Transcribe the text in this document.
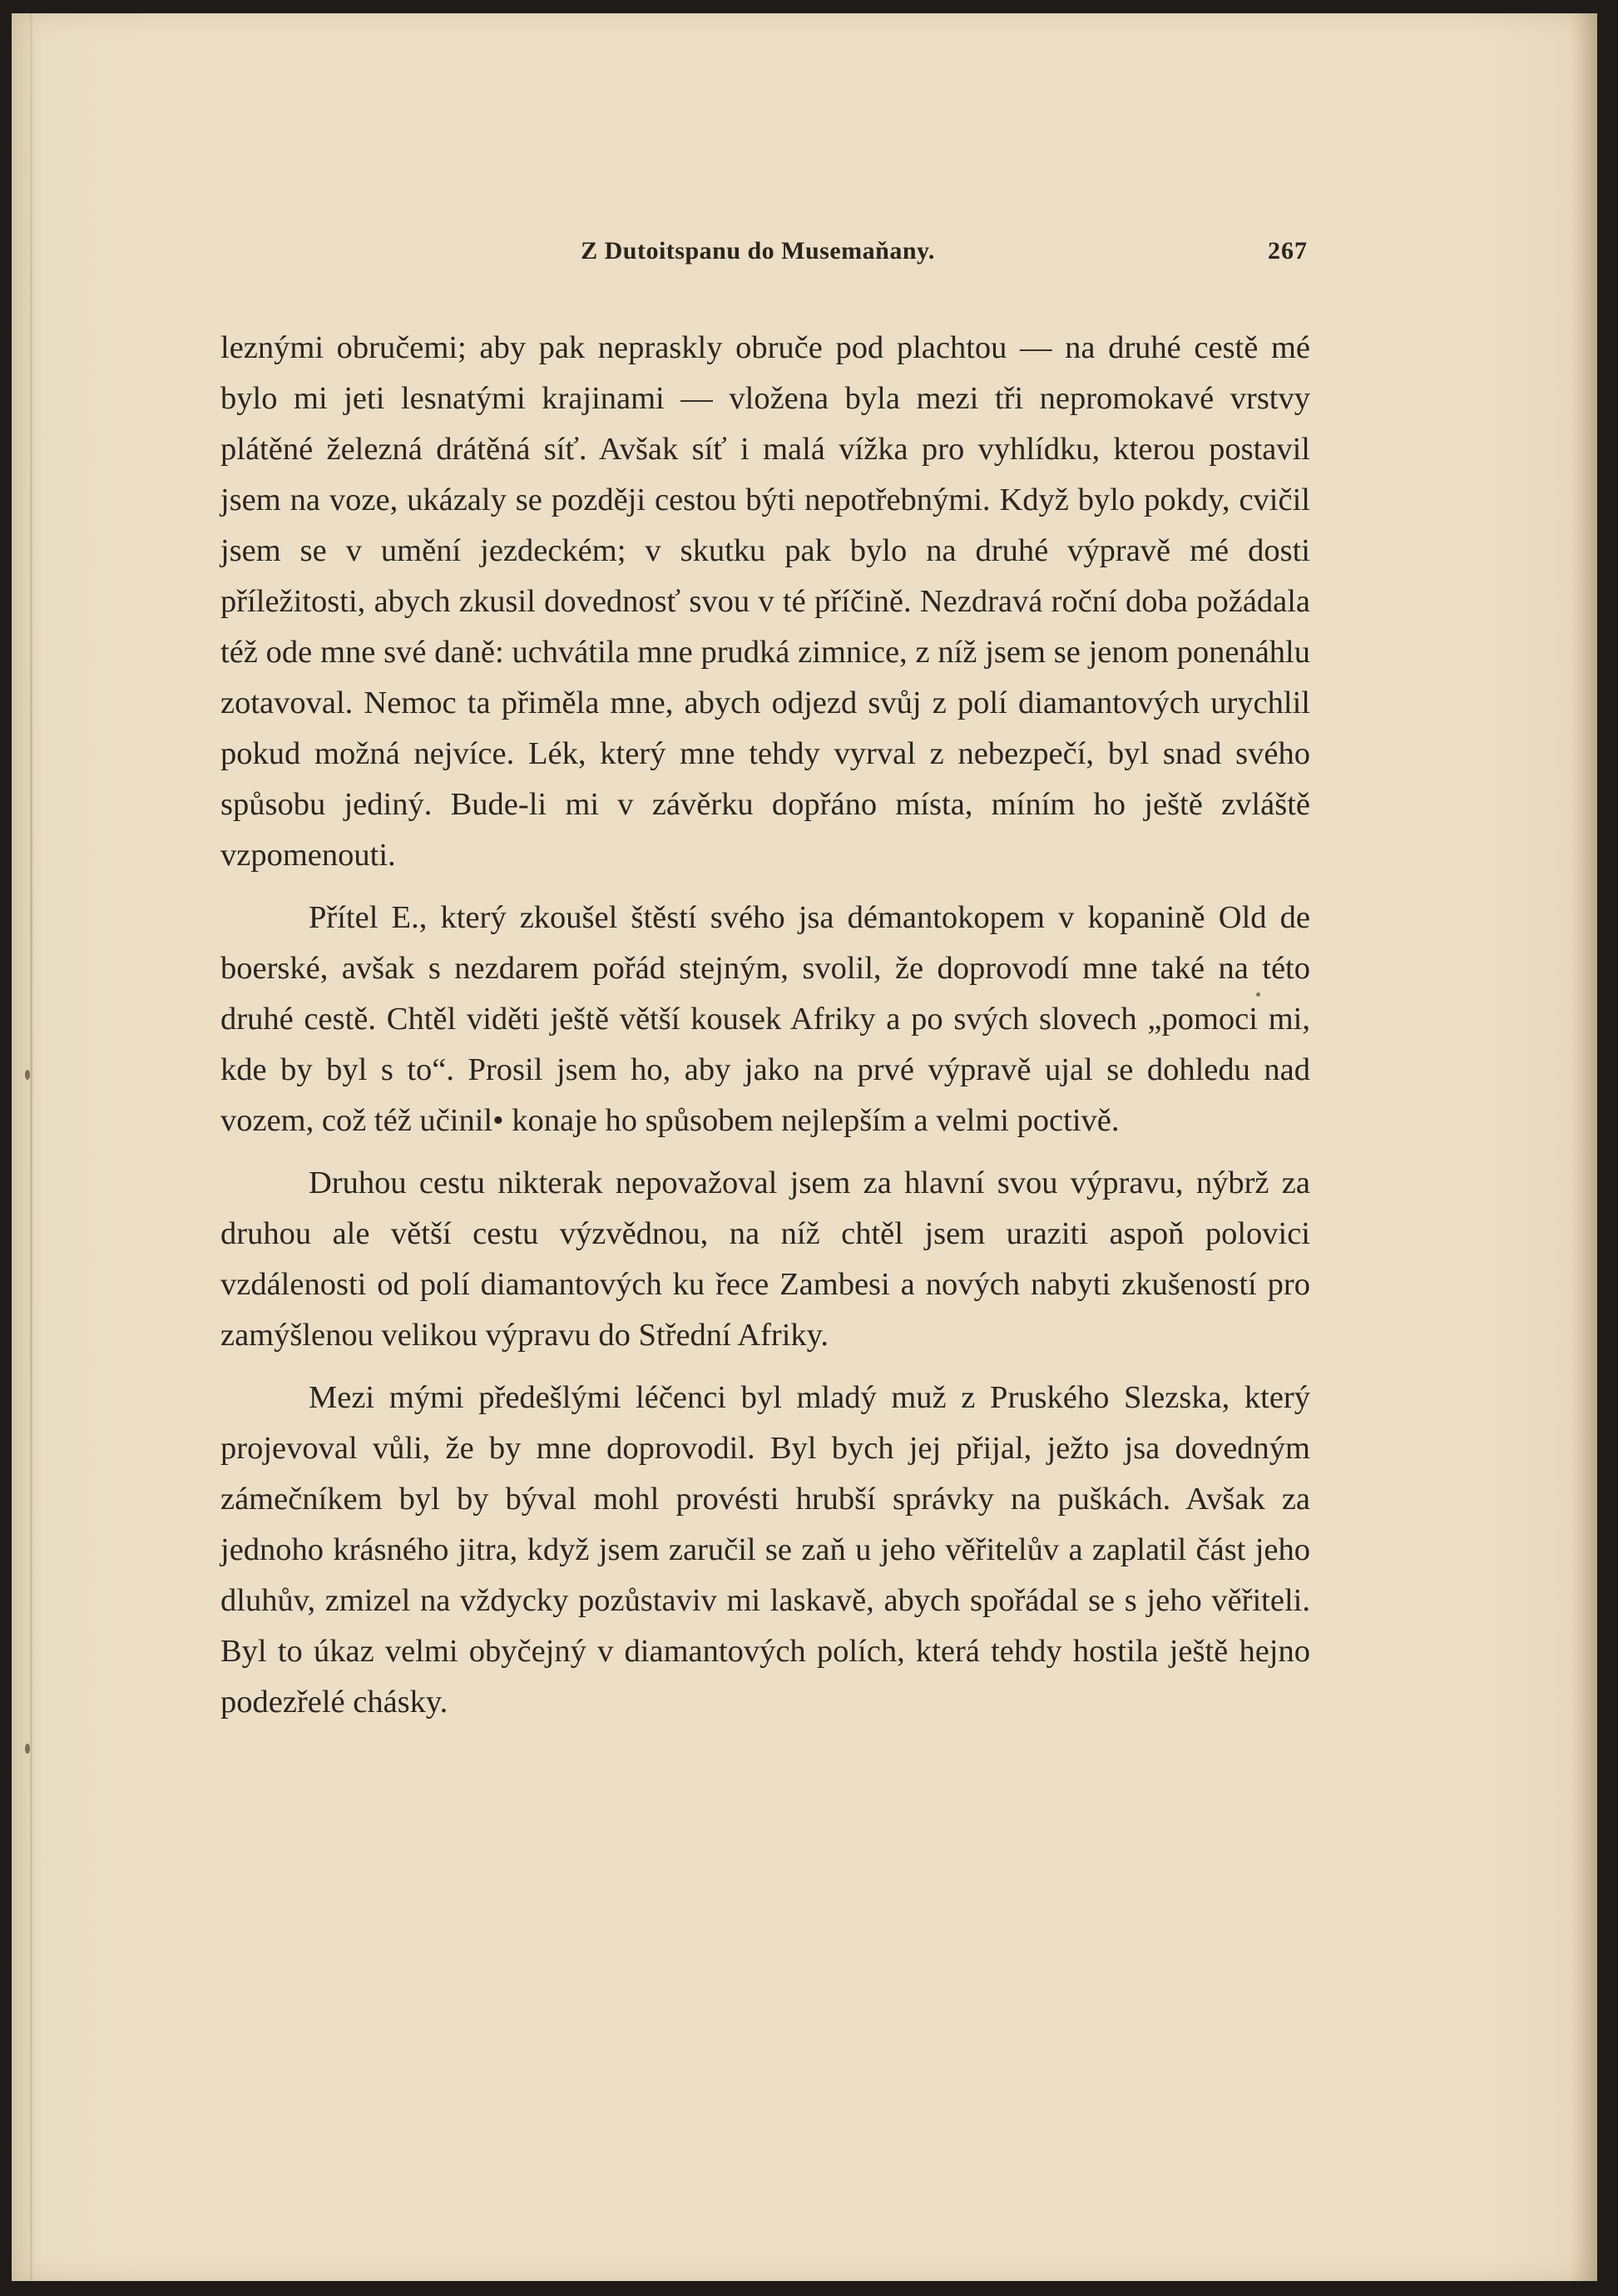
Z Dutoitspanu do Musemaňany.	267

leznými obručemi; aby pak nepraskly obruče pod plachtou — na druhé cestě mé bylo mi jeti lesnatými krajinami — vložena byla mezi tři nepromokavé vrstvy plátěné železná drátěná síť. Avšak síť i malá vížka pro vyhlídku, kterou postavil jsem na voze, ukázaly se později cestou býti nepotřebnými. Když bylo pokdy, cvičil jsem se v umění jezdeckém; v skutku pak bylo na druhé výpravě mé dosti příležitosti, abych zkusil dovednosť svou v té příčině. Nezdravá roční doba požádala též ode mne své daně: uchvátila mne prudká zimnice, z níž jsem se jenom ponenáhlu zotavoval. Nemoc ta přiměla mne, abych odjezd svůj z polí diamantových urychlil pokud možná nejvíce. Lék, který mne tehdy vyrval z nebezpečí, byl snad svého spůsobu jediný. Bude-li mi v závěrku dopřáno místa, míním ho ještě zvláště vzpomenouti.

Přítel E., který zkoušel štěstí svého jsa démantokopem v kopanině Old de boerské, avšak s nezdarem pořád stejným, svolil, že doprovodí mne také na této druhé cestě. Chtěl viděti ještě větší kousek Afriky a po svých slovech „pomoci mi, kde by byl s to“. Prosil jsem ho, aby jako na prvé výpravě ujal se dohledu nad vozem, což též učinil• konaje ho spůsobem nejlepším a velmi poctivě.

Druhou cestu nikterak nepovažoval jsem za hlavní svou výpravu, nýbrž za druhou ale větší cestu výzvědnou, na níž chtěl jsem uraziti aspoň polovici vzdálenosti od polí diamantových ku řece Zambesi a nových nabyti zkušeností pro zamýšlenou velikou výpravu do Střední Afriky.

Mezi mými předešlými léčenci byl mladý muž z Pruského Slezska, který projevoval vůli, že by mne doprovodil. Byl bych jej přijal, ježto jsa dovedným zámečníkem byl by býval mohl provésti hrubší správky na puškách. Avšak za jednoho krásného jitra, když jsem zaručil se zaň u jeho věřitelův a zaplatil část jeho dluhův, zmizel na vždycky pozůstaviv mi laskavě, abych spořádal se s jeho věřiteli. Byl to úkaz velmi obyčejný v diamantových polích, která tehdy hostila ještě hejno podezřelé chásky.
